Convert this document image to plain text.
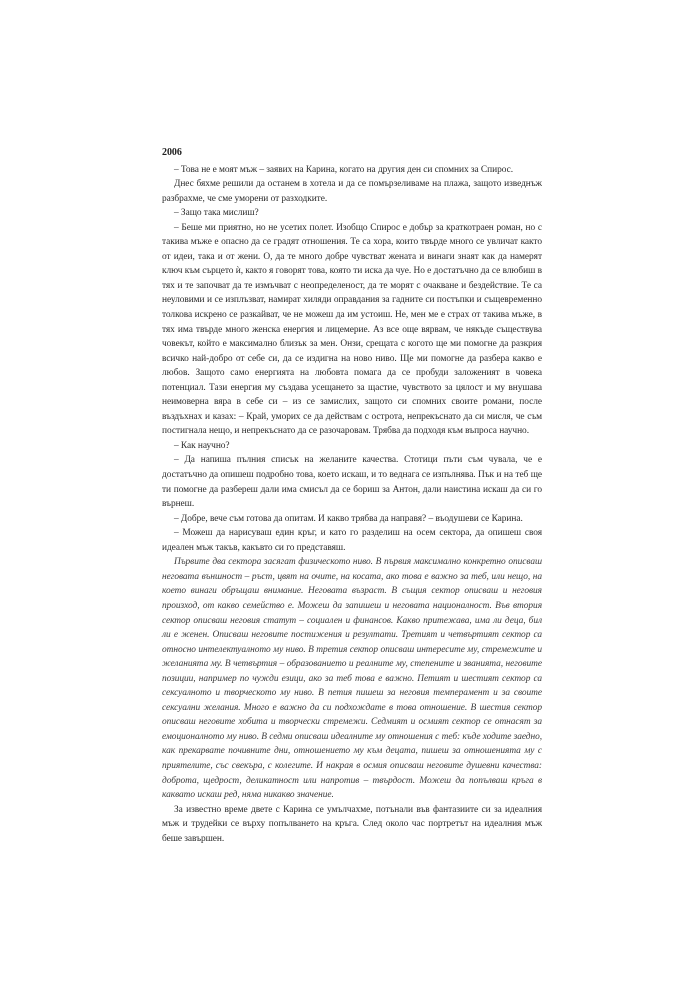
2006

– Това не е моят мъж – заявих на Карина, когато на другия ден си спомних за Спирос.

Днес бяхме решили да останем в хотела и да се помързеливаме на плажа, защото изведнъж разбрахме, че сме уморени от разходките.

– Защо така мислиш?

– Беше ми приятно, но не усетих полет. Изобщо Спирос е добър за краткотраен роман, но с такива мъже е опасно да се градят отношения. Те са хора, които твърде много се увличат както от идеи, така и от жени. О, да те много добре чувстват жената и винаги знаят как да намерят ключ към сърцето ѝ, както я говорят това, която ти иска да чуе. Но е достатъчно да се влюбиш в тях и те започват да те измъчват с неопределеност, да те морят с очакване и бездействие. Те са неуловими и се изплъзват, намират хиляди оправдания за гадните си постъпки и същевременно толкова искрено се разкайват, че не можеш да им устоиш. Не, мен ме е страх от такива мъже, в тях има твърде много женска енергия и лицемерие. Аз все още вярвам, че някъде съществува човекът, който е максимално близък за мен. Онзи, срещата с когото ще ми помогне да разкрия всичко най-добро от себе си, да се издигна на ново ниво. Ще ми помогне да разбера какво е любов. Защото само енергията на любовта помага да се пробуди заложеният в човека потенциал. Тази енергия му създава усещането за щастие, чувството за цялост и му внушава неимоверна вяра в себе си – из се замислих, защото си спомних своите романи, после въздъхнах и казах: – Край, уморих се да действам с острота, непрекъснато да си мисля, че съм постигнала нещо, и непрекъснато да се разочаровам. Трябва да подходя към въпроса научно.

– Как научно?

– Да напиша пълния списък на желаните качества. Стотици пъти съм чувала, че е достатъчно да опишеш подробно това, което искаш, и то веднага се изпълнява. Пък и на теб ще ти помогне да разбереш дали има смисъл да се бориш за Антон, дали наистина искаш да си го върнеш.

– Добре, вече съм готова да опитам. И какво трябва да направя? – въодушеви се Карина.

– Можеш да нарисуваш един кръг, и като го разделиш на осем сектора, да опишеш своя идеален мъж такъв, какъвто си го представяш.

Първите два сектора засягат физическото ниво. В първия максимално конкретно описваш неговата външност – ръст, цвят на очите, на косата, ако това е важно за теб, или нещо, на което винаги обръщаш внимание. Неговата възраст. В същия сектор описваш и неговия произход, от какво семейство е. Можеш да запишеш и неговата националност. Във втория сектор описваш неговия статут – социален и финансов. Какво притежава, има ли деца, бил ли е женен. Описваш неговите постижения и резултати. Третият и четвъртият сектор са относно интелектуалното му ниво. В третия сектор описваш интересите му, стремежите и желанията му. В четвъртия – образованието и реалните му, степените и званията, неговите позиции, например по чужди езици, ако за теб това е важно. Петият и шестият сектор са сексуалното и творческото му ниво. В петия пишеш за неговия темперамент и за своите сексуални желания. Много е важно да си подхождате в това отношение. В шестия сектор описваш неговите хобита и творчески стремежи. Седмият и осмият сектор се отнасят за емоционалното му ниво. В седми описваш идеалните му отношения с теб: къде ходите заедно, как прекарвате почивните дни, отношението му към децата, пишеш за отношенията му с приятелите, със свекъра, с колегите. И накрая в осмия описваш неговите душевни качества: доброта, щедрост, деликатност или напротив – твърдост. Можеш да попълваш кръга в каквато искаш ред, няма никакво значение.

За известно време двете с Карина се умълчахме, потънали във фантазиите си за идеалния мъж и трудейки се върху попълването на кръга. След около час портретът на идеалния мъж беше завършен.
